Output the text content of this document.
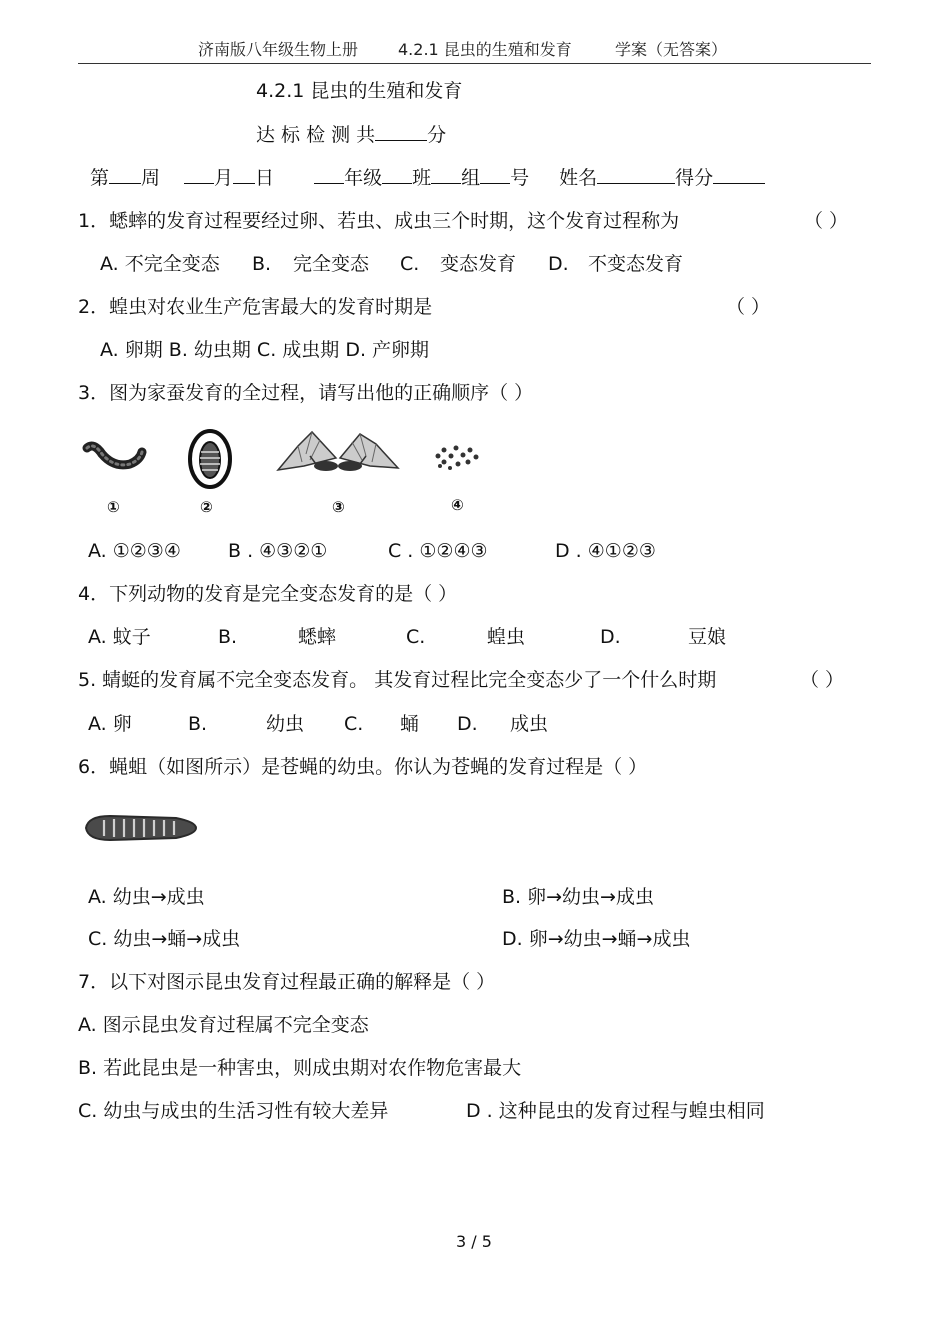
济南版八年级生物上册 4.2.1 昆虫的生殖和发育	学案（无答案）
4.2.1 昆虫的生殖和发育
达 标 检 测 共	分
第 周	月 日	年级 班 组 号 姓名	得分
1．蟋蟀的发育过程要经过卵、若虫、成虫三个时期，这个发育过程称为	（ ）
A. 不完全变态 B. 完全变态 C. 变态发育 D. 不变态发育
2．蝗虫对农业生产危害最大的发育时期是	（ ）
A. 卵期 B. 幼虫期 C. 成虫期 D. 产卵期
3．图为家蚕发育的全过程，请写出他的正确顺序（ ）
①	②	③	④
A. ①②③④ B . ④③②①	C . ①②④③	D . ④①②③
4．下列动物的发育是完全变态发育的是（ ）
A. 蚊子	B.	蟋蟀	C.	蝗虫	D.	豆娘
5. 蜻蜓的发育属不完全变态发育。 其发育过程比完全变态少了一个什么时期	（ ）
A. 卵	B.	幼虫 C. 蛹 D. 成虫
6．蝇蛆（如图所示）是苍蝇的幼虫。你认为苍蝇的发育过程是（ ）
A. 幼虫→成虫	B. 卵→幼虫→成虫
C. 幼虫→蛹→成虫	D. 卵→幼虫→蛹→成虫
7．以下对图示昆虫发育过程最正确的解释是（ ）
A. 图示昆虫发育过程属不完全变态
B. 若此昆虫是一种害虫，则成虫期对农作物危害最大
C. 幼虫与成虫的生活习性有较大差异	D . 这种昆虫的发育过程与蝗虫相同
3 / 5
